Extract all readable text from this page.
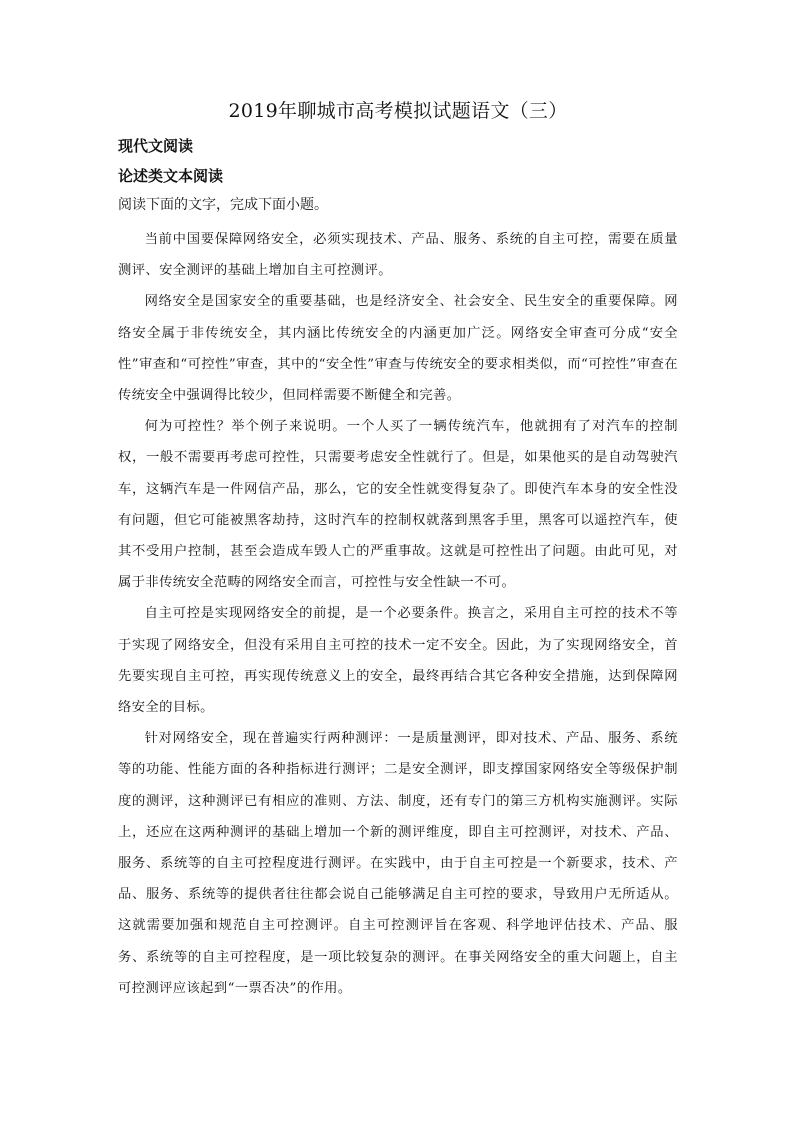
2019年聊城市高考模拟试题语文（三）
现代文阅读
论述类文本阅读
阅读下面的文字，完成下面小题。

当前中国要保障网络安全，必须实现技术、产品、服务、系统的自主可控，需要在质量测评、安全测评的基础上增加自主可控测评。

网络安全是国家安全的重要基础，也是经济安全、社会安全、民生安全的重要保障。网络安全属于非传统安全，其内涵比传统安全的内涵更加广泛。网络安全审查可分成“安全性”审查和“可控性”审查，其中的“安全性”审查与传统安全的要求相类似，而“可控性”审查在传统安全中强调得比较少，但同样需要不断健全和完善。

何为可控性？举个例子来说明。一个人买了一辆传统汽车，他就拥有了对汽车的控制权，一般不需要再考虑可控性，只需要考虑安全性就行了。但是，如果他买的是自动驾驶汽车，这辆汽车是一件网信产品，那么，它的安全性就变得复杂了。即使汽车本身的安全性没有问题，但它可能被黑客劫持，这时汽车的控制权就落到黑客手里，黑客可以遥控汽车，使其不受用户控制，甚至会造成车毁人亡的严重事故。这就是可控性出了问题。由此可见，对属于非传统安全范畴的网络安全而言，可控性与安全性缺一不可。

自主可控是实现网络安全的前提，是一个必要条件。换言之，采用自主可控的技术不等于实现了网络安全，但没有采用自主可控的技术一定不安全。因此，为了实现网络安全，首先要实现自主可控，再实现传统意义上的安全，最终再结合其它各种安全措施，达到保障网络安全的目标。

针对网络安全，现在普遍实行两种测评：一是质量测评，即对技术、产品、服务、系统等的功能、性能方面的各种指标进行测评；二是安全测评，即支撑国家网络安全等级保护制度的测评，这种测评已有相应的准则、方法、制度，还有专门的第三方机构实施测评。实际上，还应在这两种测评的基础上增加一个新的测评维度，即自主可控测评，对技术、产品、服务、系统等的自主可控程度进行测评。在实践中，由于自主可控是一个新要求，技术、产品、服务、系统等的提供者往往都会说自己能够满足自主可控的要求，导致用户无所适从。这就需要加强和规范自主可控测评。自主可控测评旨在客观、科学地评估技术、产品、服务、系统等的自主可控程度，是一项比较复杂的测评。在事关网络安全的重大问题上，自主可控测评应该起到“一票否决”的作用。
